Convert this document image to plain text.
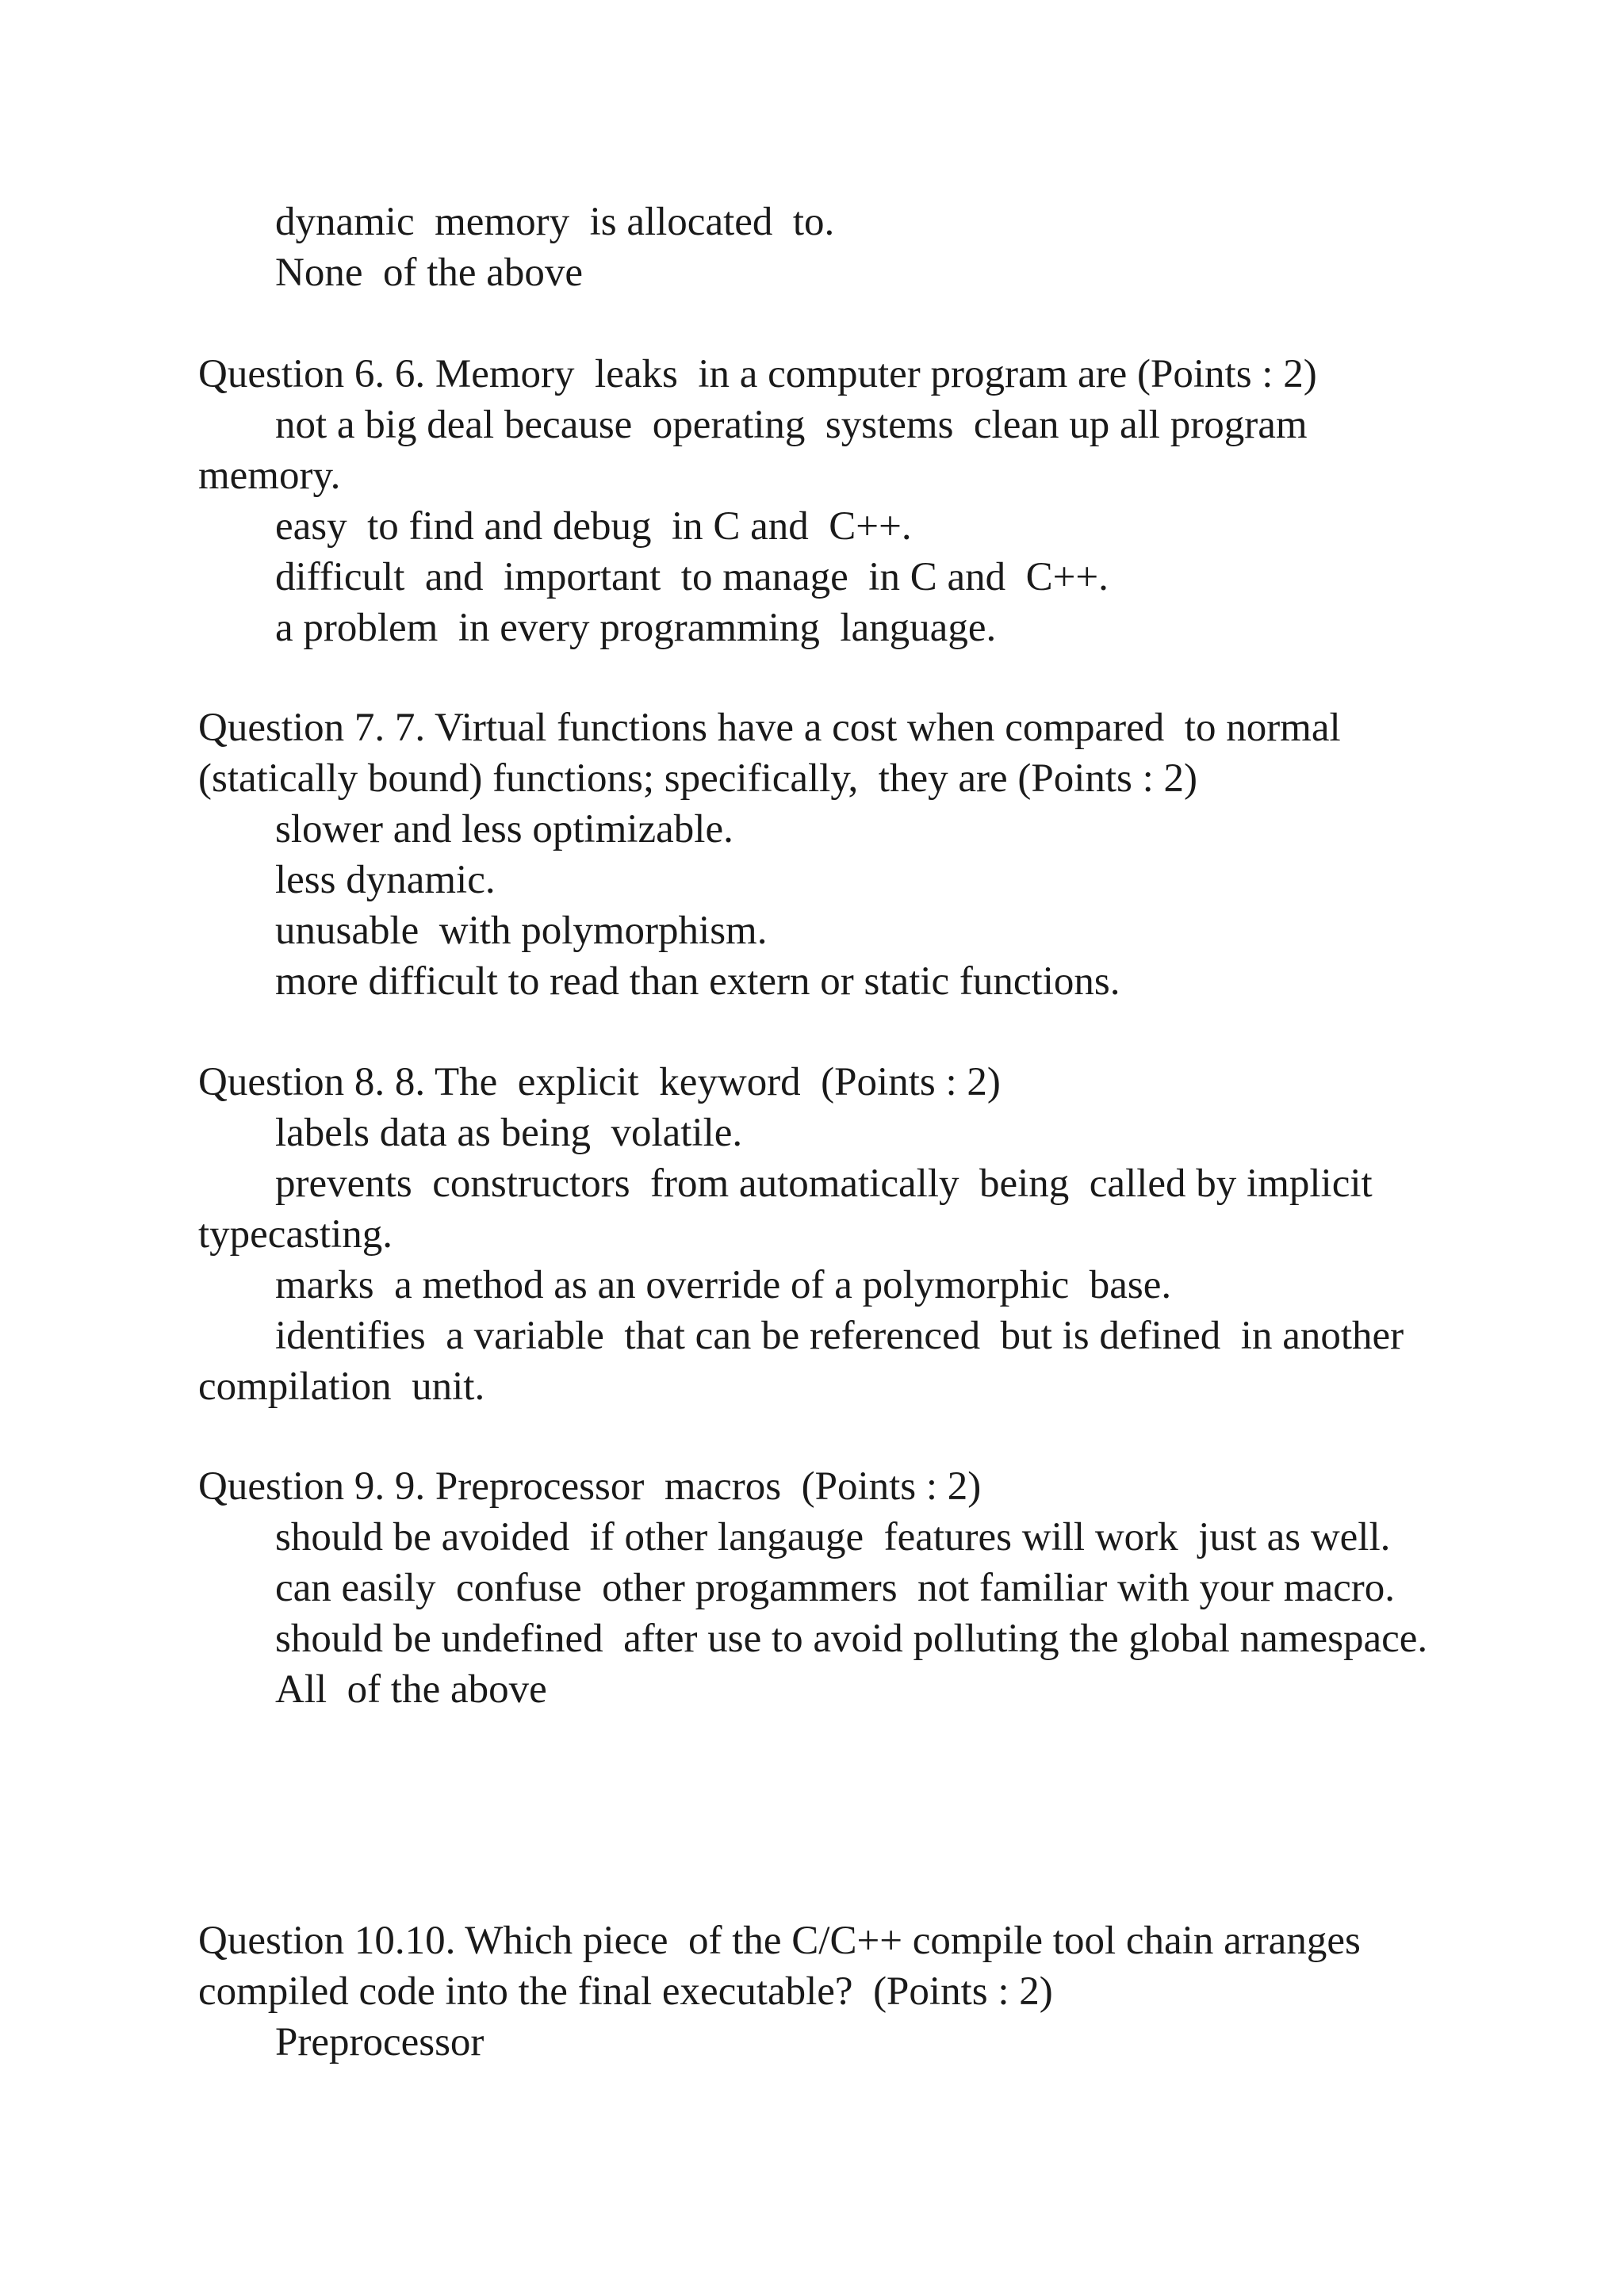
dynamic  memory  is allocated  to.
None  of the above
Question 6. 6. Memory  leaks  in a computer program are (Points : 2)
not a big deal because  operating  systems  clean up all program memory.
easy  to find and debug  in C and  C++.
difficult  and  important  to manage  in C and  C++.
a problem  in every programming  language.
Question 7. 7. Virtual functions have a cost when compared  to normal (statically bound) functions; specifically,  they are (Points : 2)
slower and less optimizable.
less dynamic.
unusable  with polymorphism.
more difficult to read than extern or static functions.
Question 8. 8. The  explicit  keyword  (Points : 2)
labels data as being  volatile.
prevents  constructors  from automatically  being  called by implicit typecasting.
marks  a method as an override of a polymorphic  base.
identifies  a variable  that can be referenced  but is defined  in another  compilation  unit.
Question 9. 9. Preprocessor  macros  (Points : 2)
should be avoided  if other langauge  features will work  just as well.
can easily  confuse  other progammers  not familiar with your macro.
should be undefined  after use to avoid polluting the global namespace.
All  of the above
Question 10.10. Which piece  of the C/C++ compile tool chain arranges  compiled code into the final executable?  (Points : 2)
Preprocessor
